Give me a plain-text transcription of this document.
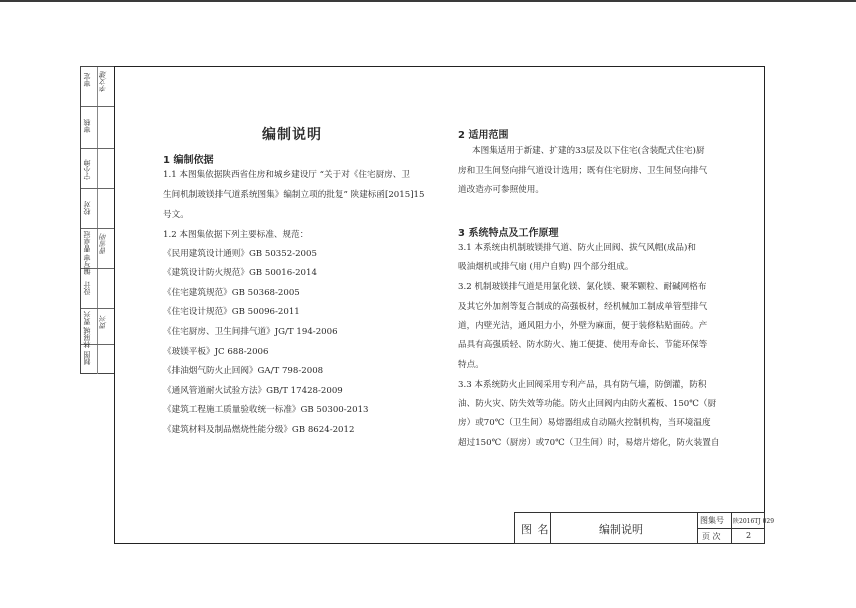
审定 李文建
审核
宁小坤
校对
编写审 曹卓冠 曹雪明
设计
林展城 贾兴 贾兴
制图
编制说明
1 编制依据
1.1 本图集依据陕西省住房和城乡建设厅 “关于对《住宅厨房、卫
生间机制玻镁排气道系统图集》编制立项的批复” 陕建标函[2015]15
号文。
1.2 本图集依据下列主要标准、规范：
《民用建筑设计通则》GB 50352-2005
《建筑设计防火规范》GB 50016-2014
《住宅建筑规范》GB 50368-2005
《住宅设计规范》GB 50096-2011
《住宅厨房、卫生间排气道》JG/T 194-2006
《玻镁平板》JC 688-2006
《排油烟气防火止回阀》GA/T 798-2008
《通风管道耐火试验方法》GB/T 17428-2009
《建筑工程施工质量验收统一标准》GB 50300-2013
《建筑材料及制品燃烧性能分级》GB 8624-2012
2 适用范围
本图集适用于新建、扩建的33层及以下住宅(含装配式住宅)厨
房和卫生间竖向排气道设计选用；既有住宅厨房、卫生间竖向排气
道改造亦可参照使用。
3 系统特点及工作原理
3.1 本系统由机制玻镁排气道、防火止回阀、拔气风帽(成品)和
吸油烟机或排气扇 (用户自购) 四个部分组成。
3.2 机制玻镁排气道是用氯化镁、氯化镁、聚苯颗粒、耐碱网格布
及其它外加剂等复合制成的高强板材，经机械加工制成单管型排气
道，内壁光洁，通风阻力小，外壁为麻面，便于装修粘贴面砖。产
品具有高强质轻、防水防火、施工便捷、使用寿命长、节能环保等
特点。
3.3 本系统防火止回阀采用专利产品，具有防气墙，防倒灌，防积
油、防火灾、防失效等功能。防火止回阀内由防火蓋板、150℃（厨
房）或70℃（卫生间）易熔器组成自动隔火控制机构，当环境温度
超过150℃（厨房）或70℃（卫生间）时，易熔片熔化，防火装置自
图 名	编制说明
图集号 陕2016TJ 029
页 次	2
